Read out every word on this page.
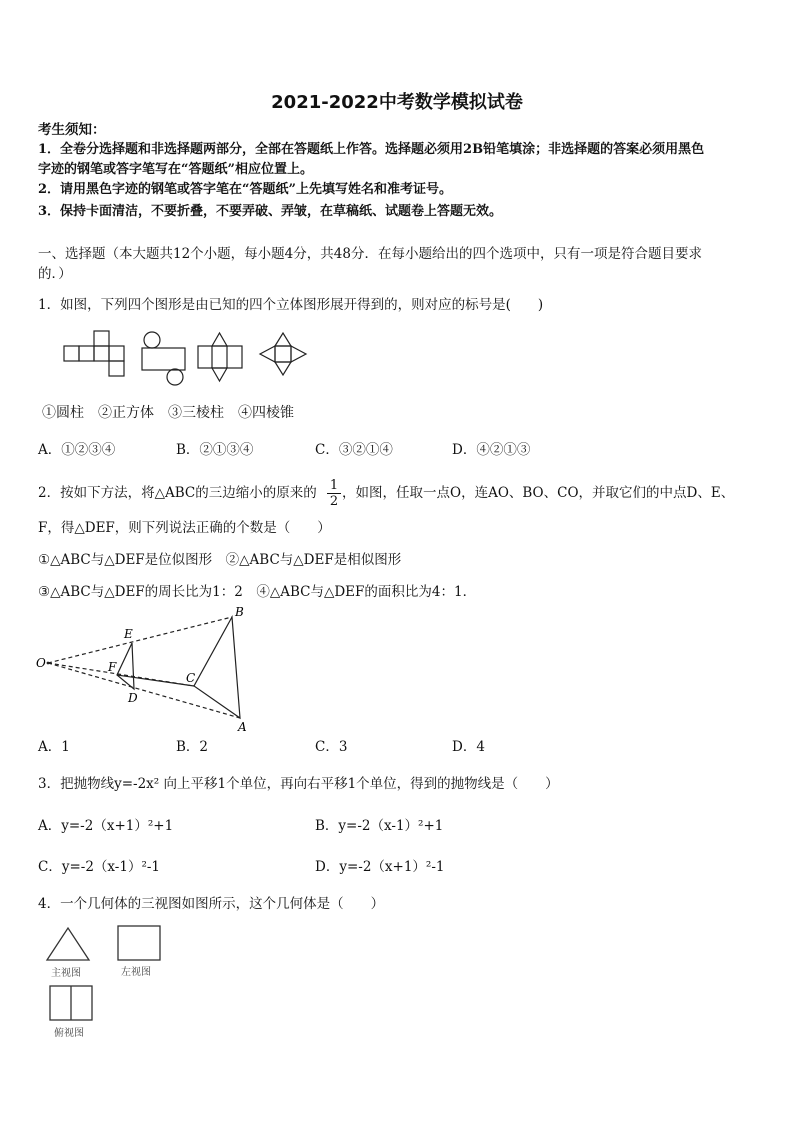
2021-2022中考数学模拟试卷
考生须知：
1．全卷分选择题和非选择题两部分，全部在答题纸上作答。选择题必须用2B铅笔填涂；非选择题的答案必须用黑色
字迹的钢笔或答字笔写在“答题纸”相应位置上。
2．请用黑色字迹的钢笔或答字笔在“答题纸”上先填写姓名和准考证号。
3．保持卡面清洁，不要折叠，不要弄破、弄皱，在草稿纸、试题卷上答题无效。
一、选择题（本大题共12个小题，每小题4分，共48分．在每小题给出的四个选项中，只有一项是符合题目要求
的．）
1．如图，下列四个图形是由已知的四个立体图形展开得到的，则对应的标号是(　　)
①圆柱　②正方体　③三棱柱　④四棱锥
A．①②③④	B．②①③④	C．③②①④	D．④②①③
2．按如下方法，将△ABC的三边缩小的原来的 $\frac{1}{2}$ ，如图，任取一点O，连AO、BO、CO，并取它们的中点D、E、
F，得△DEF，则下列说法正确的个数是（　　）
①△ABC与△DEF是位似图形　②△ABC与△DEF是相似图形
③△ABC与△DEF的周长比为1：2　④△ABC与△DEF的面积比为4：1．
O
E
F
D
C
B
A
A．1	B．2	C．3	D．4
3．把抛物线y=-2x² 向上平移1个单位，再向右平移1个单位，得到的抛物线是（　　）
A．y=-2（x+1）²+1	B．y=-2（x-1）²+1
C．y=-2（x-1）²-1	D．y=-2（x+1）²-1
4．一个几何体的三视图如图所示，这个几何体是（　　）
主视图	左视图
俯视图
